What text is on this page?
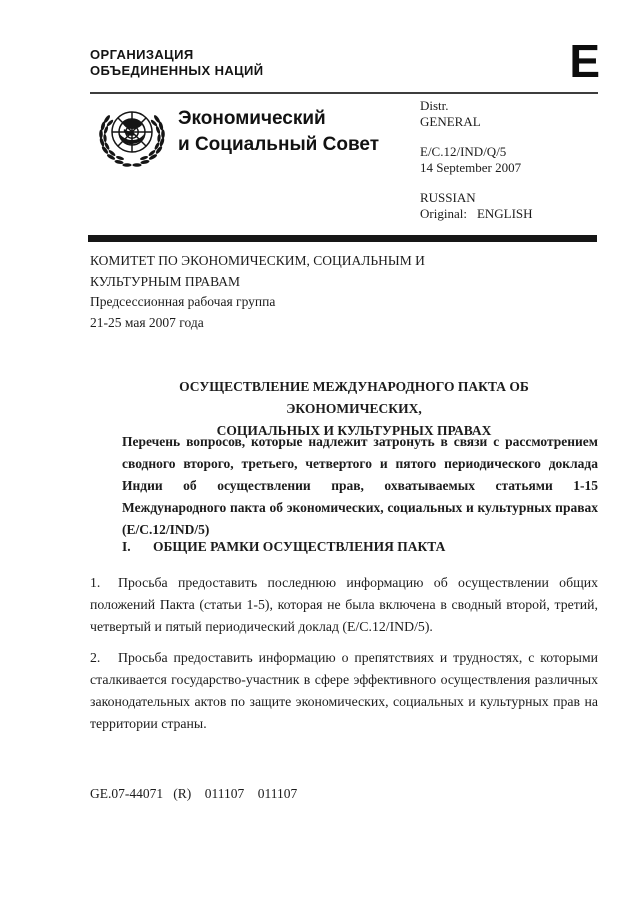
ОРГАНИЗАЦИЯ
ОБЪЕДИНЕННЫХ НАЦИЙ	E
Экономический
и Социальный Совет
Distr.
GENERAL
E/C.12/IND/Q/5
14 September 2007
RUSSIAN
Original: ENGLISH
КОМИТЕТ ПО ЭКОНОМИЧЕСКИМ, СОЦИАЛЬНЫМ И
КУЛЬТУРНЫМ ПРАВАМ
Предсессионная рабочая группа
21-25 мая 2007 года
ОСУЩЕСТВЛЕНИЕ МЕЖДУНАРОДНОГО ПАКТА ОБ ЭКОНОМИЧЕСКИХ,
СОЦИАЛЬНЫХ И КУЛЬТУРНЫХ ПРАВАХ

Перечень вопросов, которые надлежит затронуть в связи с рассмотрением сводного второго, третьего, четвертого и пятого периодического доклада Индии об осуществлении прав, охватываемых статьями 1-15 Международного пакта об экономических, социальных и культурных правах (E/C.12/IND/5)

I. ОБЩИЕ РАМКИ ОСУЩЕСТВЛЕНИЯ ПАКТА

1. Просьба предоставить последнюю информацию об осуществлении общих положений Пакта (статьи 1-5), которая не была включена в сводный второй, третий, четвертый и пятый периодический доклад (E/C.12/IND/5).

2. Просьба предоставить информацию о препятствиях и трудностях, с которыми сталкивается государство-участник в сфере эффективного осуществления различных законодательных актов по защите экономических, социальных и культурных прав на территории страны.

GE.07-44071   (R)    011107    011107
